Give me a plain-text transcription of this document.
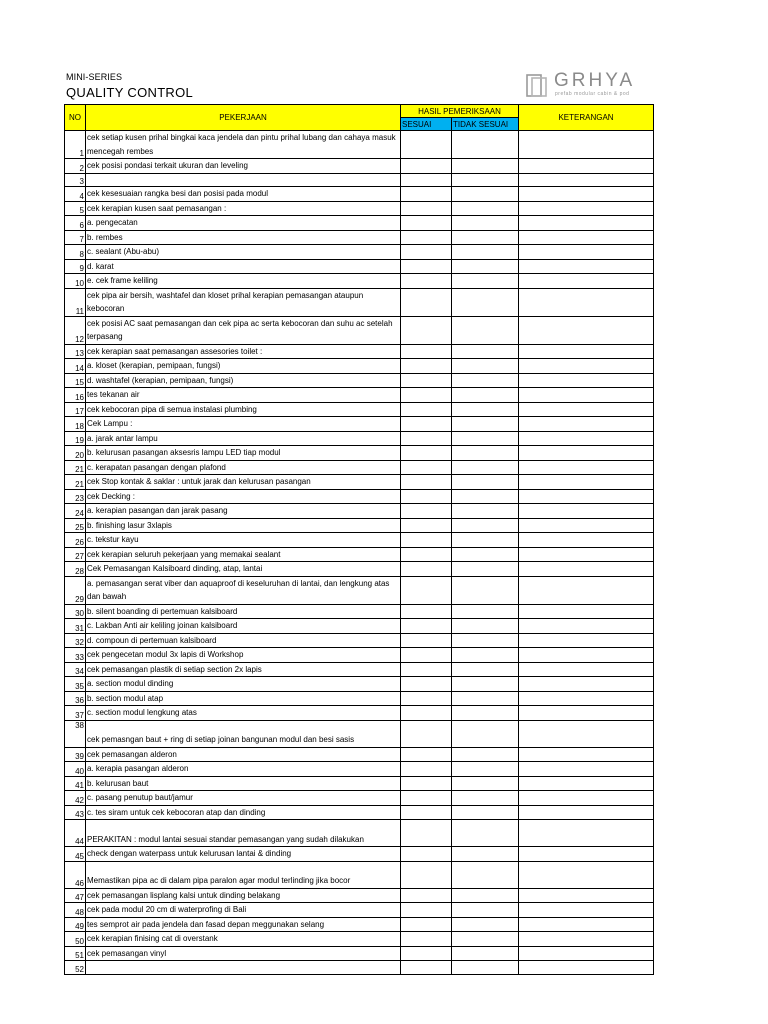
MINI-SERIES
QUALITY CONTROL
GRHYA
prefab modular cabin & pod
NO	PEKERJAAN	HASIL PEMERIKSAAN		KETERANGAN
		SESUAI	TIDAK SESUAI	
1	cek setiap kusen prihal bingkai kaca jendela dan pintu prihal lubang dan cahaya masuk mencegah rembes			
2	cek posisi pondasi terkait ukuran dan leveling			
3				
4	cek kesesuaian rangka besi dan posisi pada modul			
5	cek kerapian kusen saat pemasangan :			
6	a. pengecatan			
7	b. rembes			
8	c. sealant (Abu-abu)			
9	d. karat			
10	e. cek frame keliling			
11	cek pipa air bersih, washtafel dan kloset prihal kerapian pemasangan ataupun kebocoran			
12	cek posisi AC saat pemasangan dan cek pipa ac serta kebocoran dan suhu ac setelah terpasang			
13	cek kerapian saat pemasangan assesories toilet :			
14	a. kloset (kerapian, pemipaan, fungsi)			
15	d. washtafel (kerapian, pemipaan, fungsi)			
16	tes tekanan air			
17	cek kebocoran pipa di semua instalasi plumbing			
18	Cek Lampu :			
19	a. jarak antar lampu			
20	b. kelurusan pasangan aksesris lampu LED tiap modul			
21	c. kerapatan pasangan dengan plafond			
21	cek Stop kontak & saklar : untuk jarak dan kelurusan pasangan			
23	cek Decking :			
24	a. kerapian pasangan dan jarak pasang			
25	b. finishing lasur 3xlapis			
26	c. tekstur kayu			
27	cek kerapian seluruh pekerjaan yang memakai sealant			
28	Cek Pemasangan Kalsiboard dinding, atap, lantai			
29	a. pemasangan serat viber dan aquaproof di keseluruhan di lantai, dan lengkung atas dan bawah			
30	b. silent boanding di pertemuan kalsiboard			
31	c. Lakban Anti air keliling joinan kalsiboard			
32	d. compoun di pertemuan kalsiboard			
33	cek pengecetan modul 3x lapis di Workshop			
34	cek pemasangan plastik di setiap section 2x lapis			
35	a. section modul dinding			
36	b. section modul atap			
37	c. section modul lengkung atas			
38	cek pemasngan baut + ring di setiap joinan bangunan modul dan besi sasis			
39	cek pemasangan alderon			
40	a. kerapia pasangan alderon			
41	b. kelurusan baut			
42	c. pasang penutup baut/jamur			
43	c. tes siram untuk cek kebocoran atap dan dinding			
44	PERAKITAN : modul lantai sesuai standar pemasangan yang sudah dilakukan			
45	check dengan waterpass untuk kelurusan lantai & dinding			
46	Memastikan pipa ac di dalam pipa paralon agar modul terlinding jika bocor			
47	cek pemasangan lisplang kalsi untuk dinding belakang			
48	cek pada modul 20 cm di waterprofing di Bali			
49	tes semprot air pada jendela dan fasad depan meggunakan selang			
50	cek kerapian finising cat di overstank			
51	cek pemasangan vinyl			
52				
